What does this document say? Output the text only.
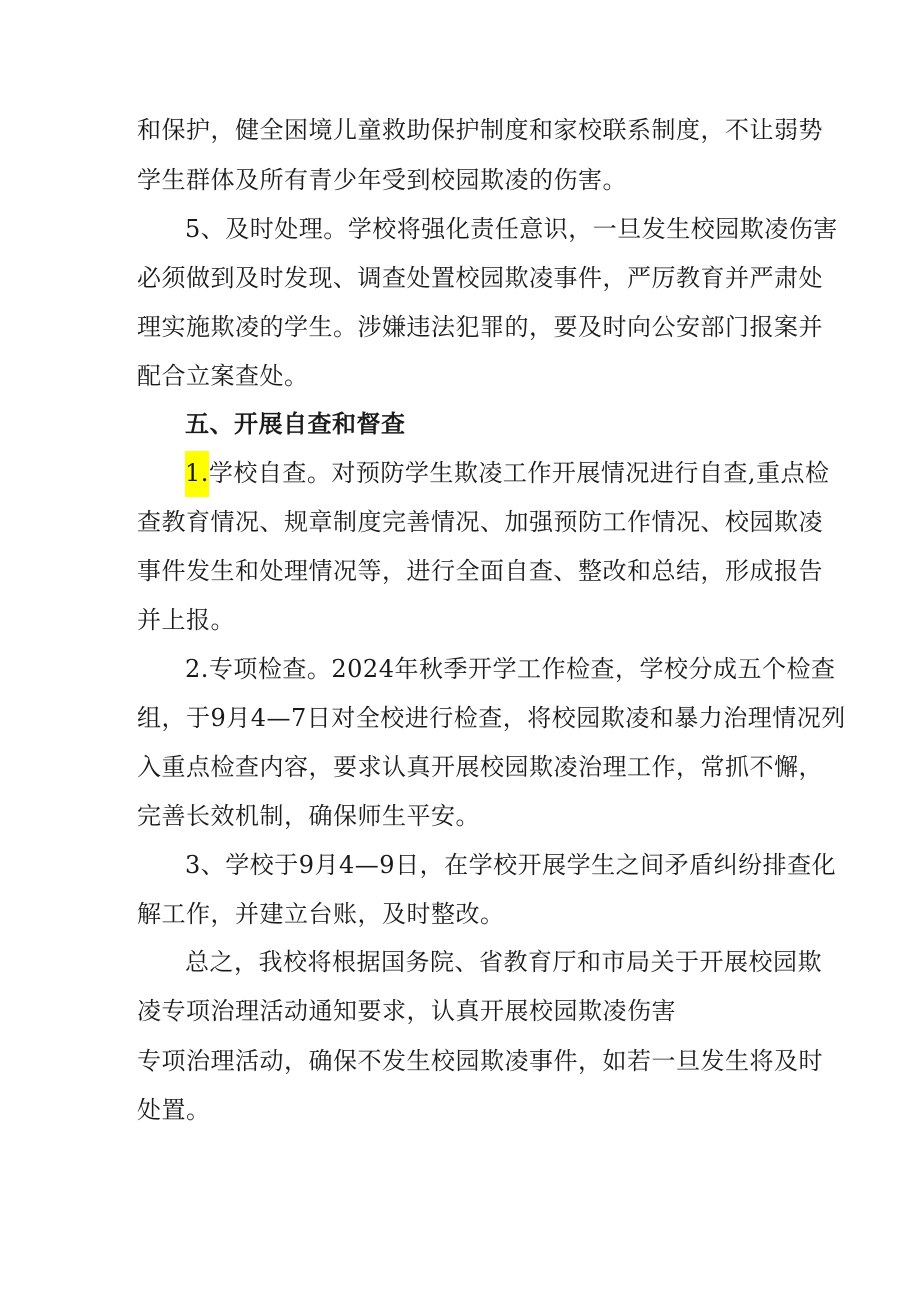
和保护，健全困境儿童救助保护制度和家校联系制度，不让弱势
学生群体及所有青少年受到校园欺凌的伤害。
5、及时处理。学校将强化责任意识，一旦发生校园欺凌伤害
必须做到及时发现、调查处置校园欺凌事件，严厉教育并严肃处
理实施欺凌的学生。涉嫌违法犯罪的，要及时向公安部门报案并
配合立案查处。
五、开展自查和督查
1.学校自查。对预防学生欺凌工作开展情况进行自查,重点检
查教育情况、规章制度完善情况、加强预防工作情况、校园欺凌
事件发生和处理情况等，进行全面自查、整改和总结，形成报告
并上报。
2.专项检查。2024年秋季开学工作检查，学校分成五个检查
组，于9月4—7日对全校进行检查，将校园欺凌和暴力治理情况列
入重点检查内容，要求认真开展校园欺凌治理工作，常抓不懈，
完善长效机制，确保师生平安。
3、学校于9月4—9日，在学校开展学生之间矛盾纠纷排查化
解工作，并建立台账，及时整改。
总之，我校将根据国务院、省教育厅和市局关于开展校园欺
凌专项治理活动通知要求，认真开展校园欺凌伤害
专项治理活动，确保不发生校园欺凌事件，如若一旦发生将及时
处置。
